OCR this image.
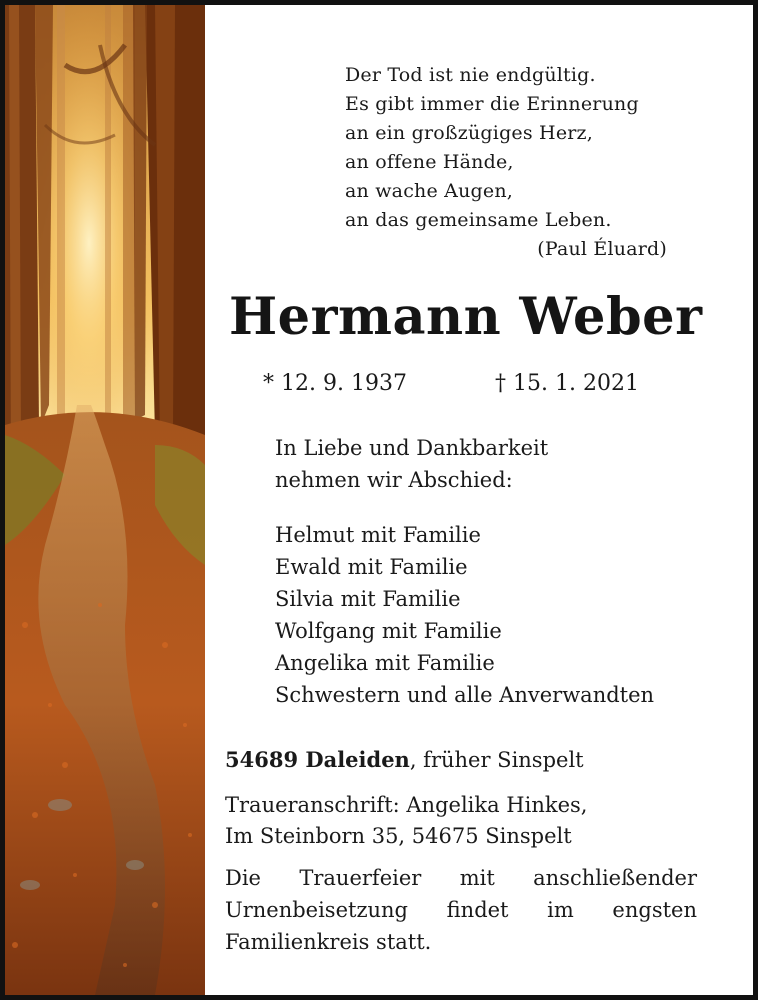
Der Tod ist nie endgültig.
Es gibt immer die Erinnerung
an ein großzügiges Herz,
an offene Hände,
an wache Augen,
an das gemeinsame Leben.
(Paul Éluard)
Hermann Weber
* 12. 9. 1937	† 15. 1. 2021
In Liebe und Dankbarkeit
nehmen wir Abschied:
Helmut mit Familie
Ewald mit Familie
Silvia mit Familie
Wolfgang mit Familie
Angelika mit Familie
Schwestern und alle Anverwandten
54689 Daleiden, früher Sinspelt
Traueranschrift: Angelika Hinkes,
Im Steinborn 35, 54675 Sinspelt
Die Trauerfeier mit anschließender
Urnenbeisetzung findet im engsten
Familienkreis statt.
